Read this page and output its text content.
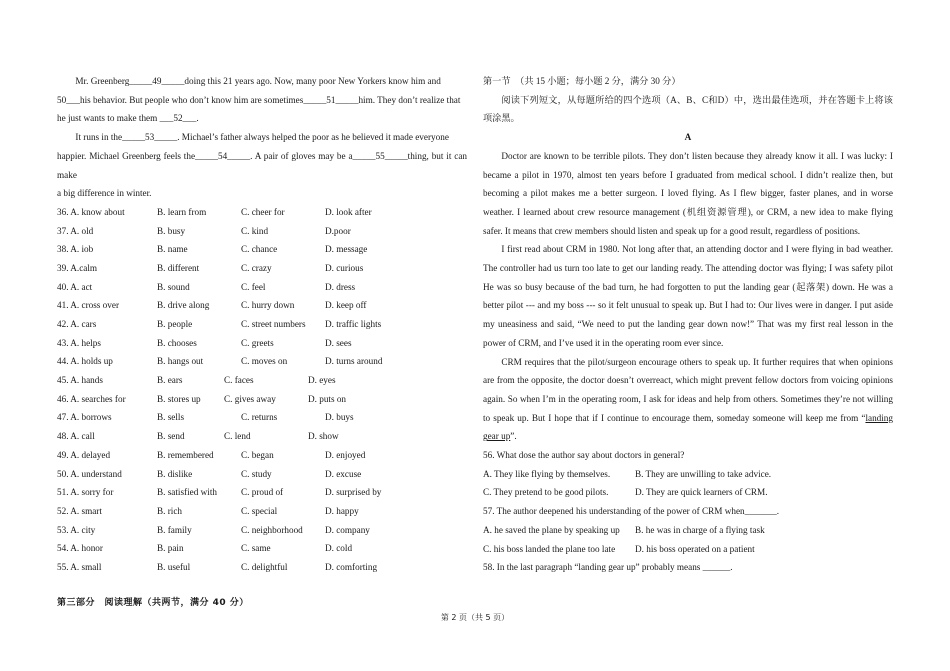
Mr. Greenberg_____49_____doing this 21 years ago. Now, many poor New Yorkers know him and

50___his behavior. But people who don’t know him are sometimes_____51_____him. They don’t realize that

he just wants to make them ___52___.

It runs in the_____53_____. Michael’s father always helped the poor as he believed it made everyone

happier. Michael Greenberg feels the_____54_____. A pair of gloves may be a_____55_____thing, but it can make

a big difference in winter.

36. A. know about	B. learn from	C. cheer for	D. look after
37. A. old	B. busy	C. kind	D.poor
38. A. iob	B. name	C. chance	D. message
39. A.calm	B. different	C. crazy	D. curious
40. A. act	B. sound	C. feel	D. dress
41. A. cross over	B. drive along	C. hurry down	D. keep off
42. A. cars	B. people	C. street numbers	D. traffic lights
43. A. helps	B. chooses	C. greets	D. sees
44. A. holds up	B. hangs out	C. moves on	D. turns around
45. A. hands	B. ears	C. faces	D. eyes
46. A. searches for	B. stores up	C. gives away	D. puts on
47. A. borrows	B. sells	C. returns	D. buys
48. A. call	B. send	C. lend	D. show
49. A. delayed	B. remembered	C. began	D. enjoyed
50. A. understand	B. dislike	C. study	D. excuse
51. A. sorry for	B. satisfied with	C. proud of	D. surprised by
52. A. smart	B. rich	C. special	D. happy
53. A. city	B. family	C. neighborhood	D. company
54. A. honor	B. pain	C. same	D. cold
55. A. small	B. useful	C. delightful	D. comforting
第三部分　阅读理解（共两节，满分 40 分）

第一节　（共 15 小题；每小题 2 分，满分 30 分）

阅读下列短文，从每题所给的四个选项（A、B、C和D）中，选出最佳选项，并在答题卡上将该项涂黑。

A

Doctor are known to be terrible pilots. They don’t listen because they already know it all. I was lucky: I became a pilot in 1970, almost ten years before I graduated from medical school. I didn’t realize then, but becoming a pilot makes me a better surgeon. I loved flying. As I flew bigger, faster planes, and in worse weather. I learned about crew resource management (机组资源管理), or CRM, a new idea to make flying safer. It means that crew members should listen and speak up for a good result, regardless of positions.

I first read about CRM in 1980. Not long after that, an attending doctor and I were flying in bad weather. The controller had us turn too late to get our landing ready. The attending doctor was flying; I was safety pilot He was so busy because of the bad turn, he had forgotten to put the landing gear (起落架) down. He was a better pilot --- and my boss --- so it felt unusual to speak up. But I had to: Our lives were in danger. I put aside my uneasiness and said, “We need to put the landing gear down now!” That was my first real lesson in the power of CRM, and I’ve used it in the operating room ever since.

CRM requires that the pilot/surgeon encourage others to speak up. It further requires that when opinions are from the opposite, the doctor doesn’t overreact, which might prevent fellow doctors from voicing opinions again. So when I’m in the operating room, I ask for ideas and help from others. Sometimes they’re not willing to speak up. But I hope that if I continue to encourage them, someday someone will keep me from “landing gear up”.

56. What dose the author say about doctors in general?

A. They like flying by themselves.	B. They are unwilling to take advice.
C. They pretend to be good pilots.	D. They are quick learners of CRM.

57. The author deepened his understanding of the power of CRM when_______.

A. he saved the plane by speaking up B. he was in charge of a flying task
C. his boss landed the plane too late D. his boss operated on a patient

58. In the last paragraph “landing gear up” probably means ______.

第 2 页（共 5 页）
